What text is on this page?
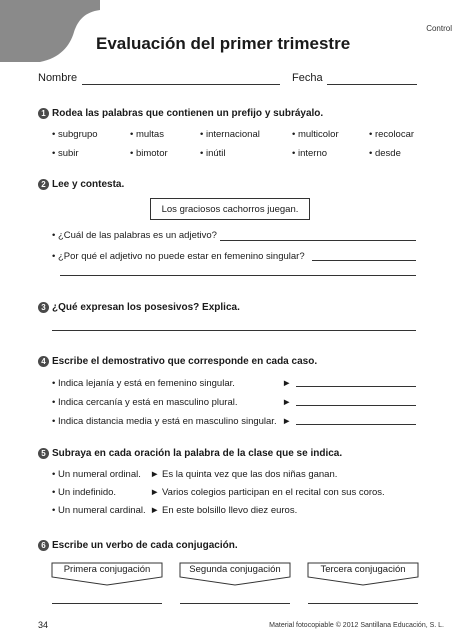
Control
Evaluación del primer trimestre
Nombre	Fecha
1 Rodea las palabras que contienen un prefijo y subráyalo.
• subgrupo	• multas	• internacional	• multicolor	• recolocar
• subir	• bimotor	• inútil	• interno	• desde
2 Lee y contesta.
Los graciosos cachorros juegan.
• ¿Cuál de las palabras es un adjetivo?
• ¿Por qué el adjetivo no puede estar en femenino singular?
3 ¿Qué expresan los posesivos? Explica.
4 Escribe el demostrativo que corresponde en cada caso.
• Indica lejanía y está en femenino singular.	►
• Indica cercanía y está en masculino plural.	►
• Indica distancia media y está en masculino singular. ►
5 Subraya en cada oración la palabra de la clase que se indica.
• Un numeral ordinal. ► Es la quinta vez que las dos niñas ganan.
• Un indefinido.	► Varios colegios participan en el recital con sus coros.
• Un numeral cardinal. ► En este bolsillo llevo diez euros.
6 Escribe un verbo de cada conjugación.
Primera conjugación	Segunda conjugación	Tercera conjugación
34	Material fotocopiable © 2012 Santillana Educación, S. L.
